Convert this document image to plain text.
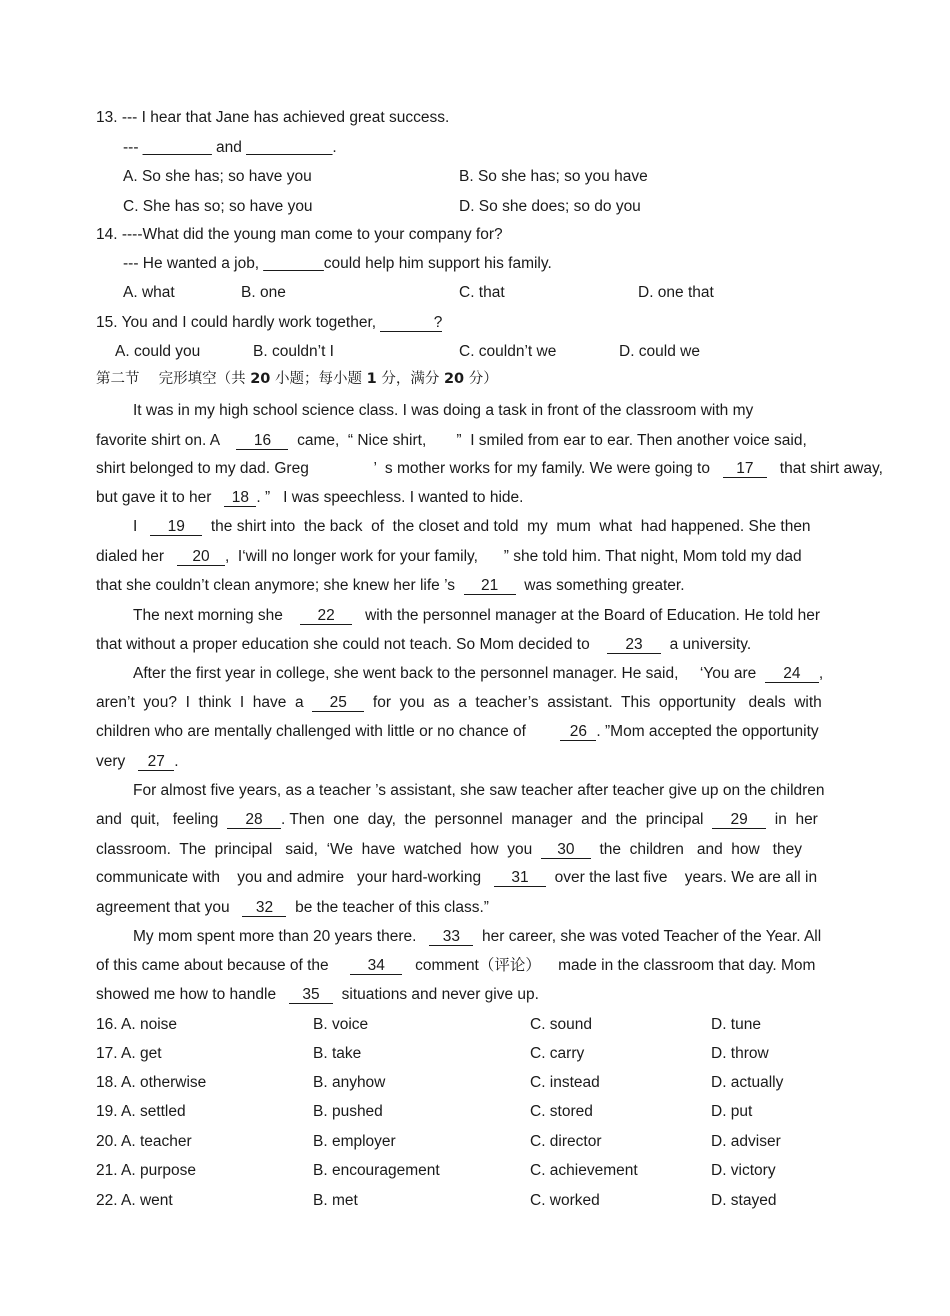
13. --- I hear that Jane has achieved great success.
--- ________ and __________.
A. So she has; so have you	B. So she has; so you have
C. She has so; so have you	D. So she does; so do you
14. ----What did the young man come to your company for?
--- He wanted a job, _______could help him support his family.
A. what	B. one	C. that	D. one that
15. You and I could hardly work together,	?
A. could you	B. couldn’t I	C. couldn’t we	D. could we
第二节　 完形填空（共 20 小题；每小题 1 分，满分 20 分）
It was in my high school science class. I was doing a task in front of the classroom with my
favorite shirt on. A 16 came,  “ Nice shirt,       ”  I smiled from ear to ear. Then another voice said,
shirt belonged to my dad. Greg	’  s mother works for my family. We were going to 17 that shirt away,
but gave it to her 18 . ”   I was speechless. I wanted to hide.
I 19 the shirt into  the back  of  the closet and told  my  mum  what  had happened. She then
dialed her 20 ,  I‘will no longer work for your family,      ” she told him. That night, Mom told my dad
that she couldn’t clean anymore; she knew her life ’s 21 was something greater.
The next morning she 22 with the personnel manager at the Board of Education. He told her
that without a proper education she could not teach. So Mom decided to 23 a university.
After the first year in college, she went back to the personnel manager. He said,     ‘You are 24 ,
aren’t  you?  I  think  I  have  a 25 for  you  as  a  teacher’s  assistant.  This  opportunity   deals  with
children who are mentally challenged with little or no chance of	26 . ”Mom accepted the opportunity
very 27 .
For almost five years, as a teacher ’s assistant, she saw teacher after teacher give up on the children
and  quit,   feeling 28 . Then  one  day,  the  personnel  manager  and  the  principal 29 in  her
classroom.  The  principal   said,  ‘We  have  watched  how  you 30 the  children   and  how   they
communicate with    you and admire   your hard-working 31 over the last five    years. We are all in
agreement that you 32 be the teacher of this class.”
My mom spent more than 20 years there. 33 her career, she was voted Teacher of the Year. All
of this came about because of the	34 comment（评论）    made in the classroom that day. Mom
showed me how to handle 35 situations and never give up.
16. A. noise	B. voice	C. sound	D. tune
17. A. get	B. take	C. carry	D. throw
18. A. otherwise	B. anyhow	C. instead	D. actually
19. A. settled	B. pushed	C. stored	D. put
20. A. teacher	B. employer	C. director	D. adviser
21. A. purpose	B. encouragement	C. achievement	D. victory
22. A. went	B. met	C. worked	D. stayed
